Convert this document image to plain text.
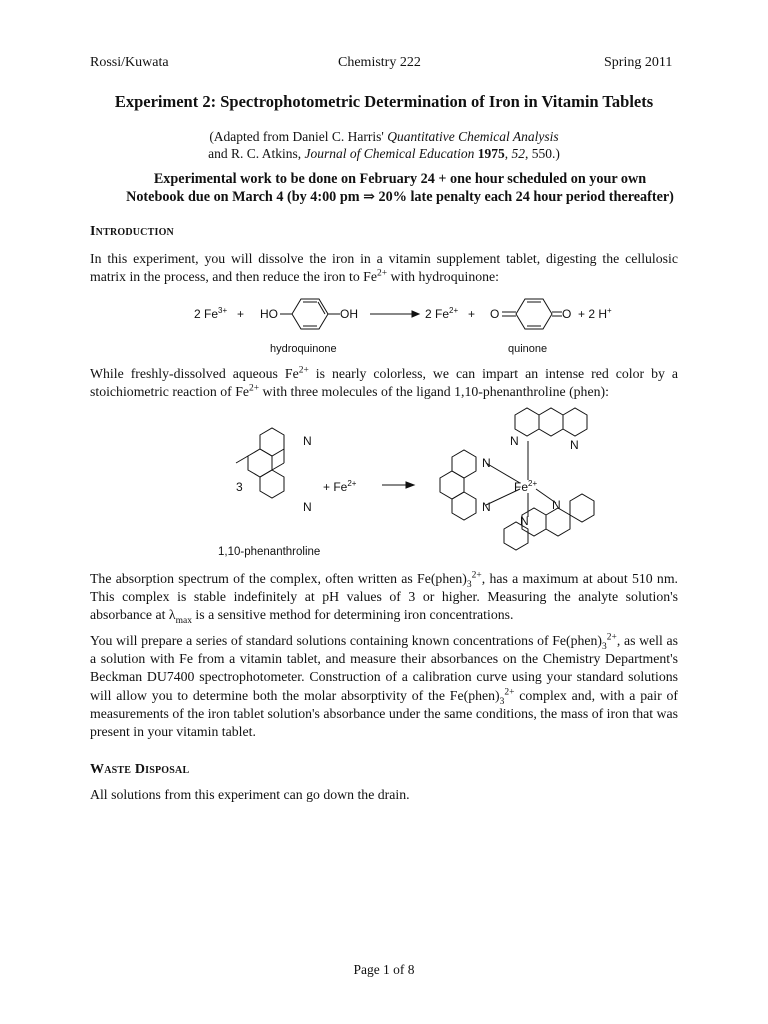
Rossi/Kuwata	Chemistry 222	Spring 2011
Experiment 2: Spectrophotometric Determination of Iron in Vitamin Tablets
(Adapted from Daniel C. Harris' Quantitative Chemical Analysis
and R. C. Atkins, Journal of Chemical Education 1975, 52, 550.)
Experimental work to be done on February 24 + one hour scheduled on your own
Notebook due on March 4 (by 4:00 pm ⇒ 20% late penalty each 24 hour period thereafter)
Introduction

In this experiment, you will dissolve the iron in a vitamin supplement tablet, digesting the cellulosic matrix in the process, and then reduce the iron to $Fe^{2+}$ with hydroquinone:

2 $Fe^{3+}$ + HO	OH	2 $Fe^{2+} + O$	O + 2 H+
hydroquinone	quinone

While freshly-dissolved aqueous $Fe^{2+}$ is nearly colorless, we can impart an intense red color by a stoichiometric reaction of $Fe^{2+}$ with three molecules of the ligand 1,10-phenanthroline (phen):

3
N
N
+ $Fe^{2+}$	$Fe^{2+}$
N	N
N
N	N
N
1,10-phenanthroline

The absorption spectrum of the complex, often written as $Fe(phen)_3^{2+}$, has a maximum at about 510 nm. This complex is stable indefinitely at pH values of 3 or higher. Measuring the analyte solution's absorbance at $\lambda_{max}$ is a sensitive method for determining iron concentrations.

You will prepare a series of standard solutions containing known concentrations of $Fe(phen)_3^{2+}$, as well as a solution with Fe from a vitamin tablet, and measure their absorbances on the Chemistry Department's Beckman DU7400 spectrophotometer. Construction of a calibration curve using your standard solutions will allow you to determine both the molar absorptivity of the $Fe(phen)_3^{2+}$ complex and, with a pair of measurements of the iron tablet solution's absorbance under the same conditions, the mass of iron that was present in your vitamin tablet.

Waste Disposal

All solutions from this experiment can go down the drain.

Page 1 of 8
